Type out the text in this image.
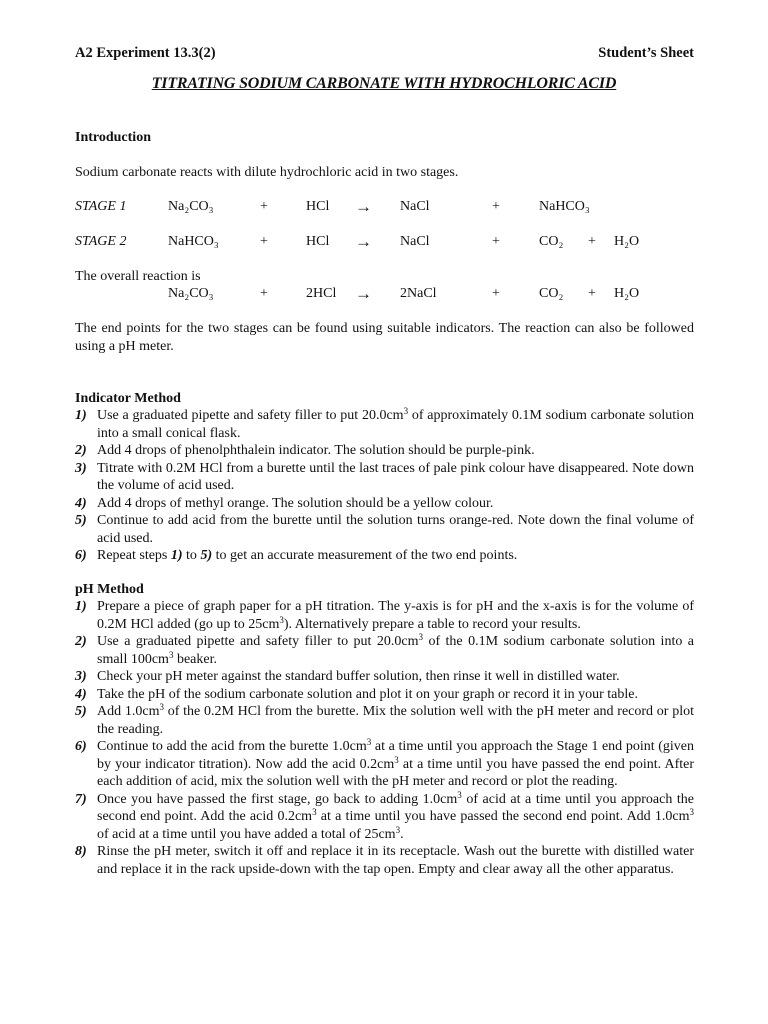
A2 Experiment 13.3(2)	Student’s Sheet
TITRATING SODIUM CARBONATE WITH HYDROCHLORIC ACID
Introduction
Sodium carbonate reacts with dilute hydrochloric acid in two stages.
STAGE 1	Na₂CO₃	+	HCl → NaCl	+	NaHCO₃
STAGE 2	NaHCO₃	+	HCl → NaCl	+	CO₂ + H₂O
The overall reaction is
Na₂CO₃	+	2HCl → 2NaCl	+	CO₂ + H₂O
The end points for the two stages can be found using suitable indicators. The reaction can also be followed using a pH meter.
Indicator Method
1) Use a graduated pipette and safety filler to put $20.0cm^3$ of approximately 0.1M sodium carbonate solution into a small conical flask.
2) Add 4 drops of phenolphthalein indicator. The solution should be purple-pink.
3) Titrate with 0.2M HCl from a burette until the last traces of pale pink colour have disappeared. Note down the volume of acid used.
4) Add 4 drops of methyl orange. The solution should be a yellow colour.
5) Continue to add acid from the burette until the solution turns orange-red. Note down the final volume of acid used.
6) Repeat steps 1) to 5) to get an accurate measurement of the two end points.
pH Method
1) Prepare a piece of graph paper for a pH titration. The y-axis is for pH and the x-axis is for the volume of 0.2M HCl added (go up to $25cm^3$). Alternatively prepare a table to record your results.
2) Use a graduated pipette and safety filler to put $20.0cm^3$ of the 0.1M sodium carbonate solution into a small $100cm^3$ beaker.
3) Check your pH meter against the standard buffer solution, then rinse it well in distilled water.
4) Take the pH of the sodium carbonate solution and plot it on your graph or record it in your table.
5) Add $1.0cm^3$ of the 0.2M HCl from the burette. Mix the solution well with the pH meter and record or plot the reading.
6) Continue to add the acid from the burette $1.0cm^3$ at a time until you approach the Stage 1 end point (given by your indicator titration). Now add the acid $0.2cm^3$ at a time until you have passed the end point. After each addition of acid, mix the solution well with the pH meter and record or plot the reading.
7) Once you have passed the first stage, go back to adding $1.0cm^3$ of acid at a time until you approach the second end point. Add the acid $0.2cm^3$ at a time until you have passed the second end point. Add $1.0cm^3$ of acid at a time until you have added a total of $25cm^3$.
8) Rinse the pH meter, switch it off and replace it in its receptacle. Wash out the burette with distilled water and replace it in the rack upside-down with the tap open. Empty and clear away all the other apparatus.
